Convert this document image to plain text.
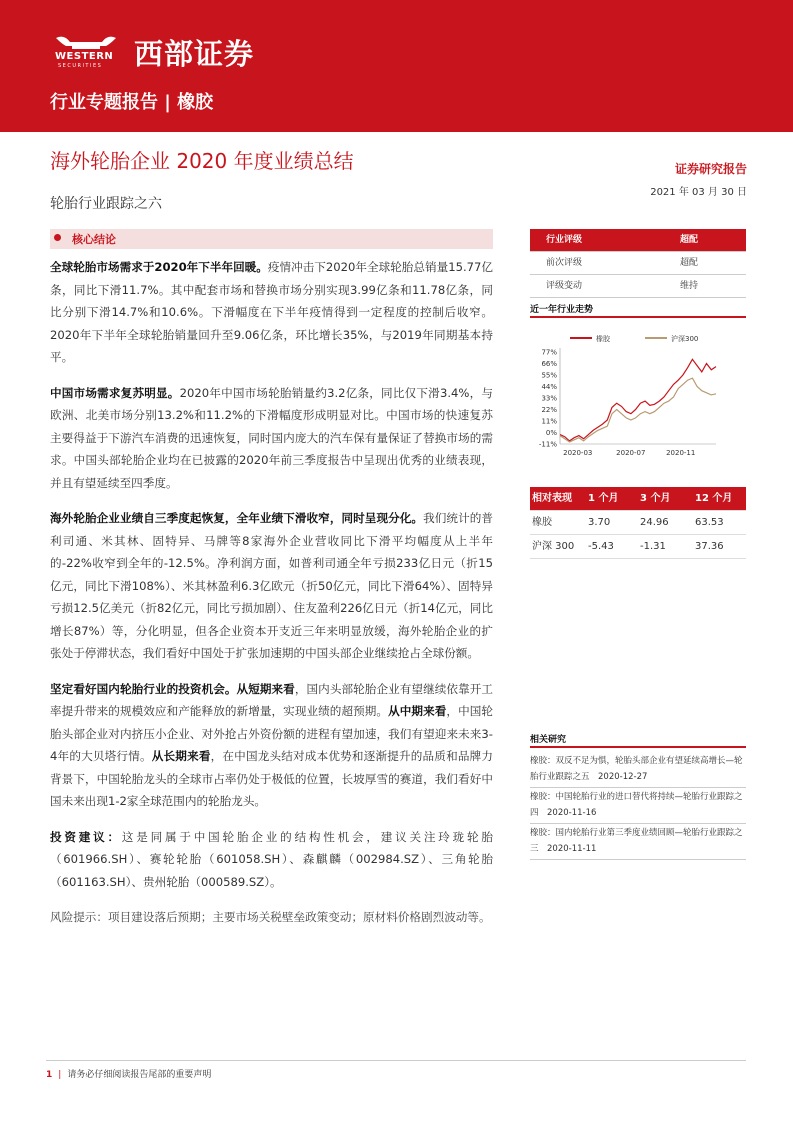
WESTERN
SECURITIES 西部证券
行业专题报告 | 橡胶
海外轮胎企业 2020 年度业绩总结	证券研究报告
2021 年 03 月 30 日
轮胎行业跟踪之六
核心结论

全球轮胎市场需求于2020年下半年回暖。疫情冲击下2020年全球轮胎总销量15.77亿条，同比下滑11.7%。其中配套市场和替换市场分别实现3.99亿条和11.78亿条，同比分别下滑14.7%和10.6%。下滑幅度在下半年疫情得到一定程度的控制后收窄。2020年下半年全球轮胎销量回升至9.06亿条，环比增长35%，与2019年同期基本持平。

中国市场需求复苏明显。2020年中国市场轮胎销量约3.2亿条，同比仅下滑3.4%，与欧洲、北美市场分别13.2%和11.2%的下滑幅度形成明显对比。中国市场的快速复苏主要得益于下游汽车消费的迅速恢复，同时国内庞大的汽车保有量保证了替换市场的需求。中国头部轮胎企业均在已披露的2020年前三季度报告中呈现出优秀的业绩表现，并且有望延续至四季度。

海外轮胎企业业绩自三季度起恢复，全年业绩下滑收窄，同时呈现分化。我们统计的普利司通、米其林、固特异、马牌等8家海外企业营收同比下滑平均幅度从上半年的-22%收窄到全年的-12.5%。净利润方面，如普利司通全年亏损233亿日元（折15亿元，同比下滑108%）、米其林盈利6.3亿欧元（折50亿元，同比下滑64%）、固特异亏损12.5亿美元（折82亿元，同比亏损加剧）、住友盈利226亿日元（折14亿元，同比增长87%）等，分化明显，但各企业资本开支近三年来明显放缓，海外轮胎企业的扩张处于停滞状态，我们看好中国处于扩张加速期的中国头部企业继续抢占全球份额。

坚定看好国内轮胎行业的投资机会。从短期来看，国内头部轮胎企业有望继续依靠开工率提升带来的规模效应和产能释放的新增量，实现业绩的超预期。从中期来看，中国轮胎头部企业对内挤压小企业、对外抢占外资份额的进程有望加速，我们有望迎来未来3-4年的大贝塔行情。从长期来看，在中国龙头结对成本优势和逐渐提升的品质和品牌力背景下，中国轮胎龙头的全球市占率仍处于极低的位置，长坡厚雪的赛道，我们看好中国未来出现1-2家全球范围内的轮胎龙头。

投资建议：这是同属于中国轮胎企业的结构性机会，建议关注玲珑轮胎（601966.SH）、赛轮轮胎（601058.SH）、森麒麟（002984.SZ）、三角轮胎（601163.SH）、贵州轮胎（000589.SZ）。

风险提示：项目建设落后预期；主要市场关税壁垒政策变动；原材料价格剧烈波动等。

行业评级	超配
前次评级	超配
评级变动	维持
近一年行业走势
橡胶	沪深300
77%
66%
55%
44%
33%
22%
11%
0%
-11%
2020-03	2020-07	2020-11
相对表现 1 个月 3 个月 12 个月
橡胶	3.70	24.96	63.53
沪深 300 -5.43	-1.31	37.36
相关研究
橡胶：双反不足为惧，轮胎头部企业有望延续高增长—轮胎行业跟踪之五　2020-12-27
橡胶：中国轮胎行业的进口替代将持续—轮胎行业跟踪之四　2020-11-16
橡胶：国内轮胎行业第三季度业绩回顾—轮胎行业跟踪之三　2020-11-11
1 | 请务必仔细阅读报告尾部的重要声明
